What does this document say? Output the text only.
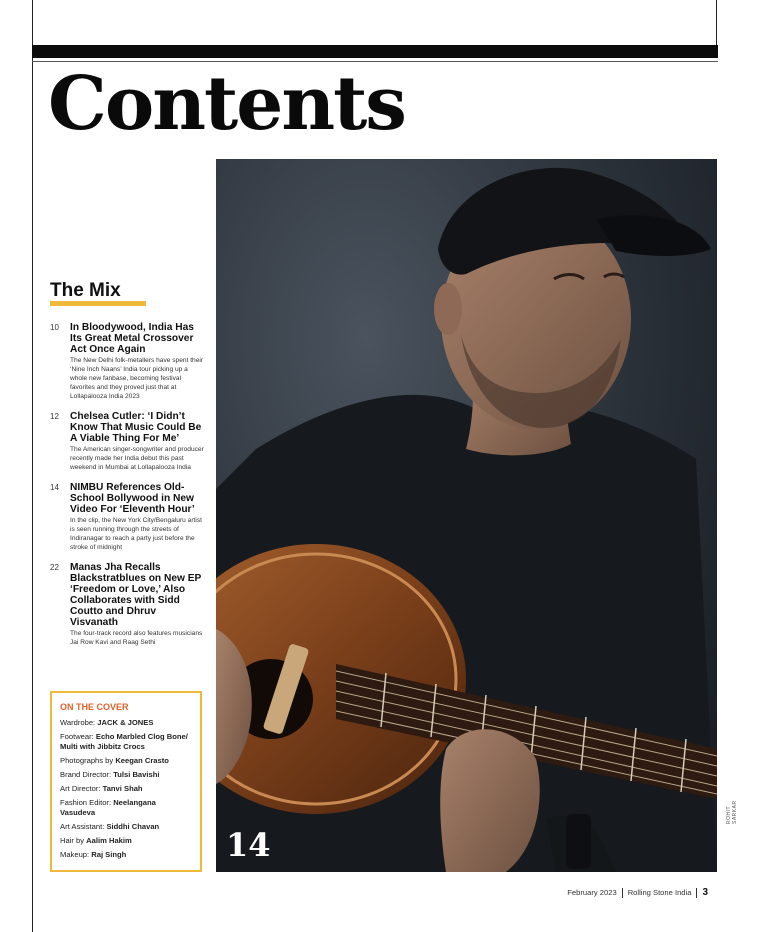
Contents
The Mix
10 In Bloodywood, India Has Its Great Metal Crossover Act Once Again
The New Delhi folk-metallers have spent their ‘Nine Inch Naans’ India tour picking up a whole new fanbase, becoming festival favorites and they proved just that at Lollapalooza India 2023
12 Chelsea Cutler: ‘I Didn’t Know That Music Could Be A Viable Thing For Me’
The American singer-songwriter and producer recently made her India debut this past weekend in Mumbai at Lollapalooza India
14 NIMBU References Old-School Bollywood in New Video For ‘Eleventh Hour’
In the clip, the New York City/Bengaluru artist is seen running through the streets of Indiranagar to reach a party just before the stroke of midnight
22 Manas Jha Recalls Blackstratblues on New EP ‘Freedom or Love,’ Also Collaborates with Sidd Coutto and Dhruv Visvanath
The four-track record also features musicians Jai Row Kavi and Raag Sethi
ON THE COVER
Wardrobe: JACK & JONES
Footwear: Echo Marbled Clog Bone/ Multi with Jibbitz Crocs
Photographs by Keegan Crasto
Brand Director: Tulsi Bavishi
Art Director: Tanvi Shah
Fashion Editor: Neelangana Vasudeva
Art Assistant: Siddhi Chavan
Hair by Aalim Hakim
Makeup: Raj Singh	14
ROHIT SARKAR
February 2023 Rolling Stone India 3
